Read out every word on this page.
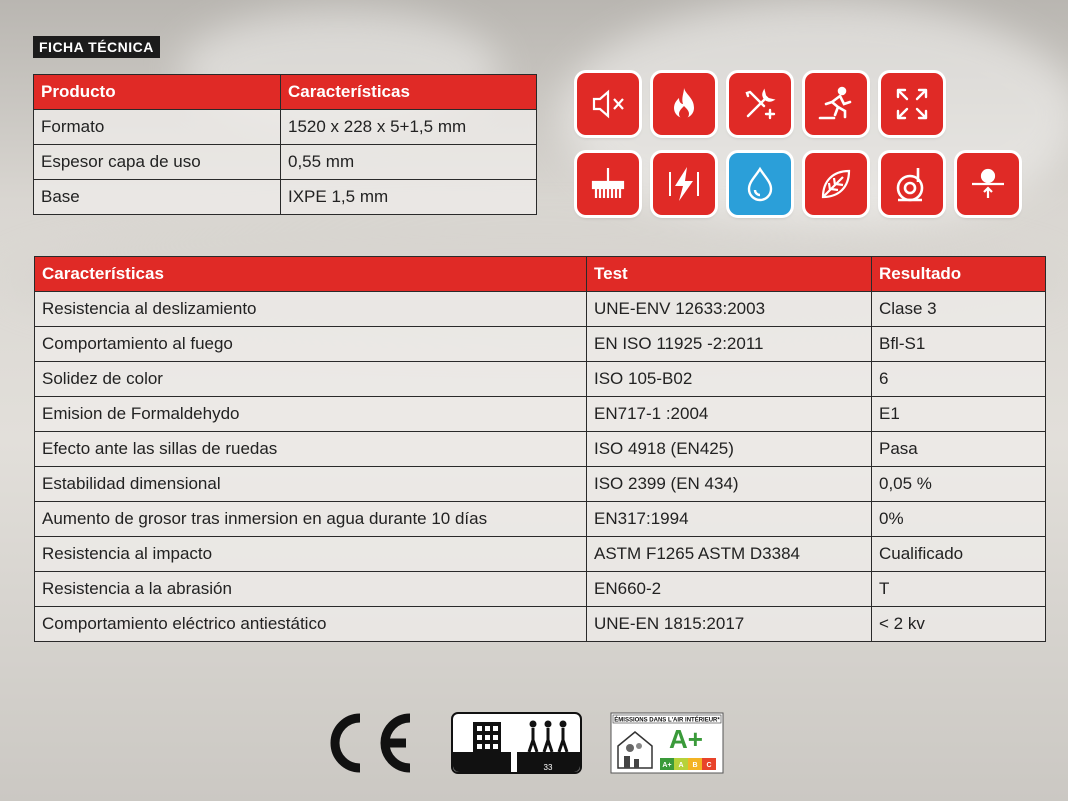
FICHA TÉCNICA
Producto	Características
Formato	1520 x 228 x 5+1,5 mm
Espesor capa de uso	0,55 mm
Base	IXPE 1,5 mm
Características	Test	Resultado
Resistencia al deslizamiento	UNE-ENV 12633:2003	Clase 3
Comportamiento al fuego	EN ISO 11925 -2:2011	Bfl-S1
Solidez de color	ISO 105-B02	6
Emision de Formaldehydo	EN717-1 :2004	E1
Efecto ante las sillas de ruedas	ISO 4918 (EN425)	Pasa
Estabilidad dimensional	ISO 2399 (EN 434)	0,05 %
Aumento de grosor tras inmersion en agua durante 10 días	EN317:1994	0%
Resistencia al impacto	ASTM F1265 ASTM D3384	Cualificado
Resistencia a la abrasión	EN660-2	T
Comportamiento eléctrico antiestático	UNE-EN 1815:2017	< 2 kv
33
ÉMISSIONS DANS L'AIR INTÉRIEUR*
A+
A+ A B C
